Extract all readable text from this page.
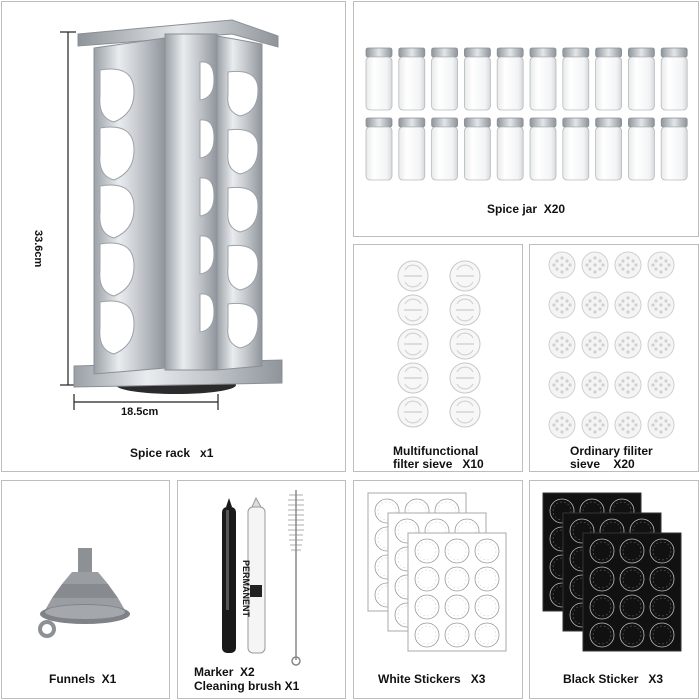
PERMANENT
33.6cm
18.5cm
Spice rack   x1
Spice jar  X20
Multifunctional
filter sieve   X10
Ordinary filiter
sieve    X20
Funnels  X1	Marker  X2
Cleaning brush X1	White Stickers   X3	Black Sticker   X3
